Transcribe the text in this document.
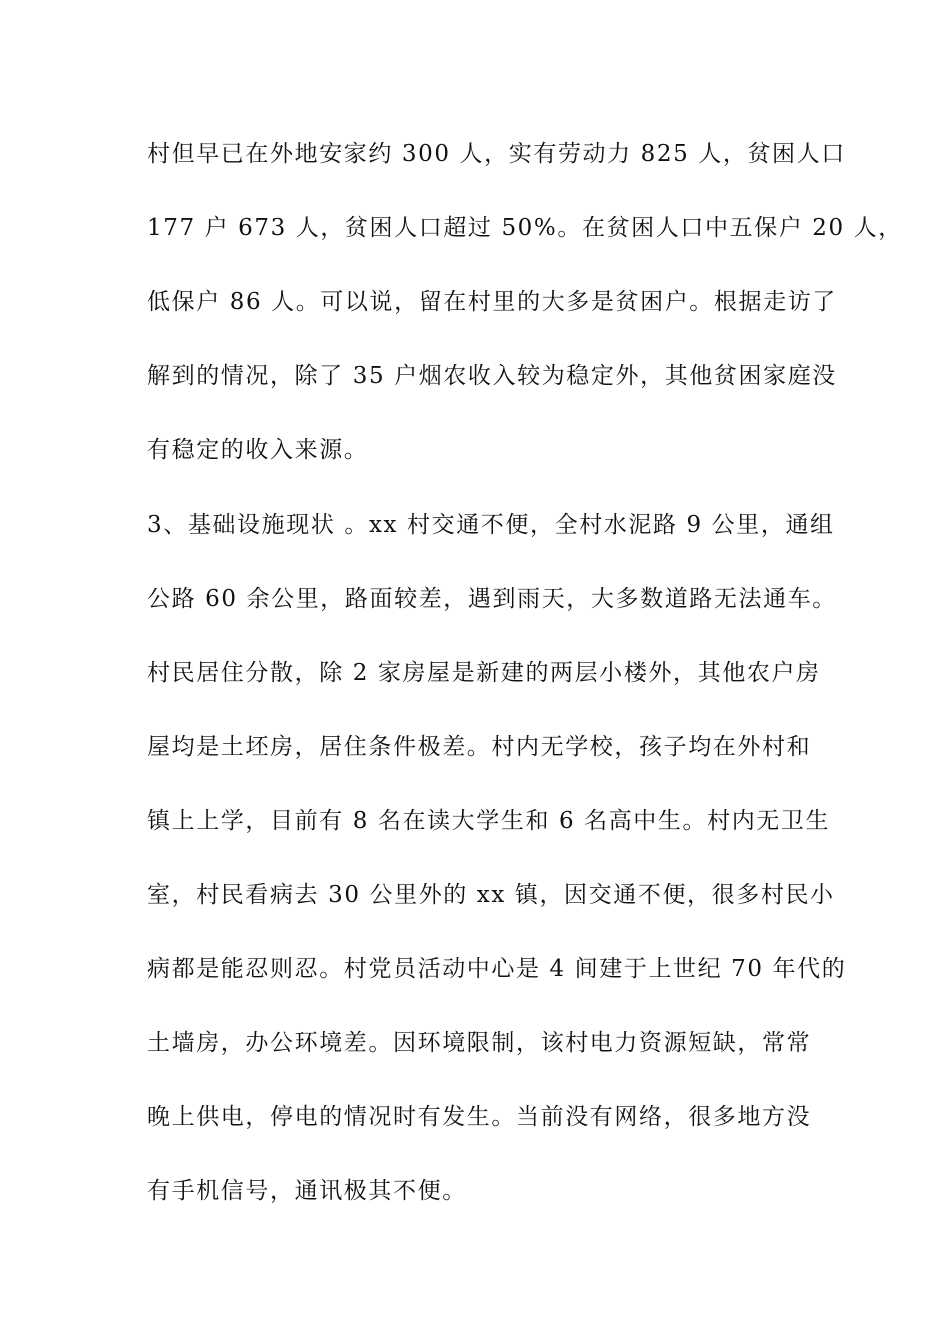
村但早已在外地安家约 300 人，实有劳动力 825 人，贫困人口
177 户 673 人，贫困人口超过 50%。在贫困人口中五保户 20 人，
低保户 86 人。可以说，留在村里的大多是贫困户。根据走访了
解到的情况，除了 35 户烟农收入较为稳定外，其他贫困家庭没
有稳定的收入来源。
3、基础设施现状 。xx 村交通不便，全村水泥路 9 公里，通组
公路 60 余公里，路面较差，遇到雨天，大多数道路无法通车。
村民居住分散，除 2 家房屋是新建的两层小楼外，其他农户房
屋均是土坯房，居住条件极差。村内无学校，孩子均在外村和
镇上上学，目前有 8 名在读大学生和 6 名高中生。村内无卫生
室，村民看病去 30 公里外的 xx 镇，因交通不便，很多村民小
病都是能忍则忍。村党员活动中心是 4 间建于上世纪 70 年代的
土墙房，办公环境差。因环境限制，该村电力资源短缺，常常
晚上供电，停电的情况时有发生。当前没有网络，很多地方没
有手机信号，通讯极其不便。
